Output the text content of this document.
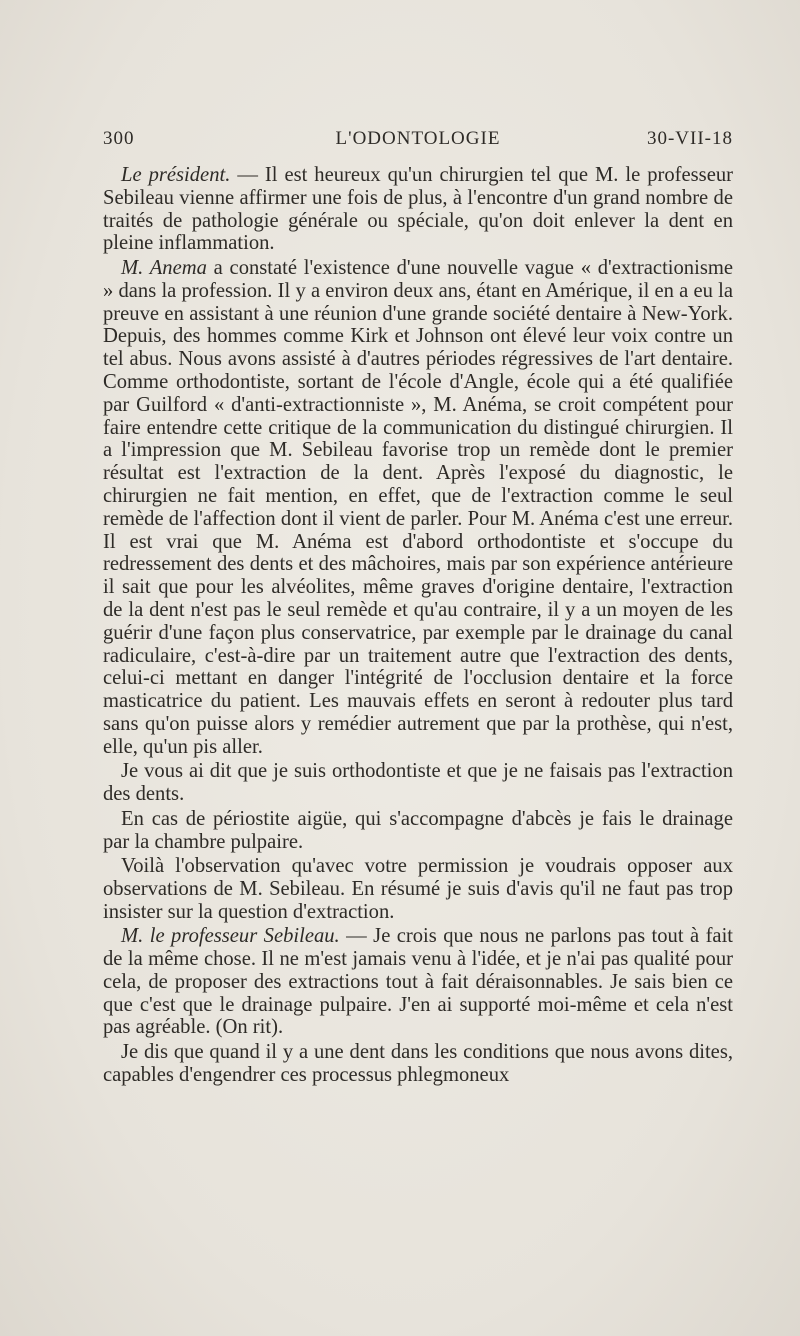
300	L'ODONTOLOGIE	30-VII-18

Le président. — Il est heureux qu'un chirurgien tel que M. le professeur Sebileau vienne affirmer une fois de plus, à l'encontre d'un grand nombre de traités de pathologie générale ou spéciale, qu'on doit enlever la dent en pleine inflammation.

M. Anema a constaté l'existence d'une nouvelle vague « d'extractionisme » dans la profession. Il y a environ deux ans, étant en Amérique, il en a eu la preuve en assistant à une réunion d'une grande société dentaire à New-York. Depuis, des hommes comme Kirk et Johnson ont élevé leur voix contre un tel abus. Nous avons assisté à d'autres périodes régressives de l'art dentaire. Comme orthodontiste, sortant de l'école d'Angle, école qui a été qualifiée par Guilford « d'anti-extractionniste », M. Anéma, se croit compétent pour faire entendre cette critique de la communication du distingué chirurgien. Il a l'impression que M. Sebileau favorise trop un remède dont le premier résultat est l'extraction de la dent. Après l'exposé du diagnostic, le chirurgien ne fait mention, en effet, que de l'extraction comme le seul remède de l'affection dont il vient de parler. Pour M. Anéma c'est une erreur. Il est vrai que M. Anéma est d'abord orthodontiste et s'occupe du redressement des dents et des mâchoires, mais par son expérience antérieure il sait que pour les alvéolites, même graves d'origine dentaire, l'extraction de la dent n'est pas le seul remède et qu'au contraire, il y a un moyen de les guérir d'une façon plus conservatrice, par exemple par le drainage du canal radiculaire, c'est-à-dire par un traitement autre que l'extraction des dents, celui-ci mettant en danger l'intégrité de l'occlusion dentaire et la force masticatrice du patient. Les mauvais effets en seront à redouter plus tard sans qu'on puisse alors y remédier autrement que par la prothèse, qui n'est, elle, qu'un pis aller.

Je vous ai dit que je suis orthodontiste et que je ne faisais pas l'extraction des dents.

En cas de périostite aigüe, qui s'accompagne d'abcès je fais le drainage par la chambre pulpaire.

Voilà l'observation qu'avec votre permission je voudrais opposer aux observations de M. Sebileau. En résumé je suis d'avis qu'il ne faut pas trop insister sur la question d'extraction.

M. le professeur Sebileau. — Je crois que nous ne parlons pas tout à fait de la même chose. Il ne m'est jamais venu à l'idée, et je n'ai pas qualité pour cela, de proposer des extractions tout à fait déraisonnables. Je sais bien ce que c'est que le drainage pulpaire. J'en ai supporté moi-même et cela n'est pas agréable. (On rit).

Je dis que quand il y a une dent dans les conditions que nous avons dites, capables d'engendrer ces processus phlegmoneux
